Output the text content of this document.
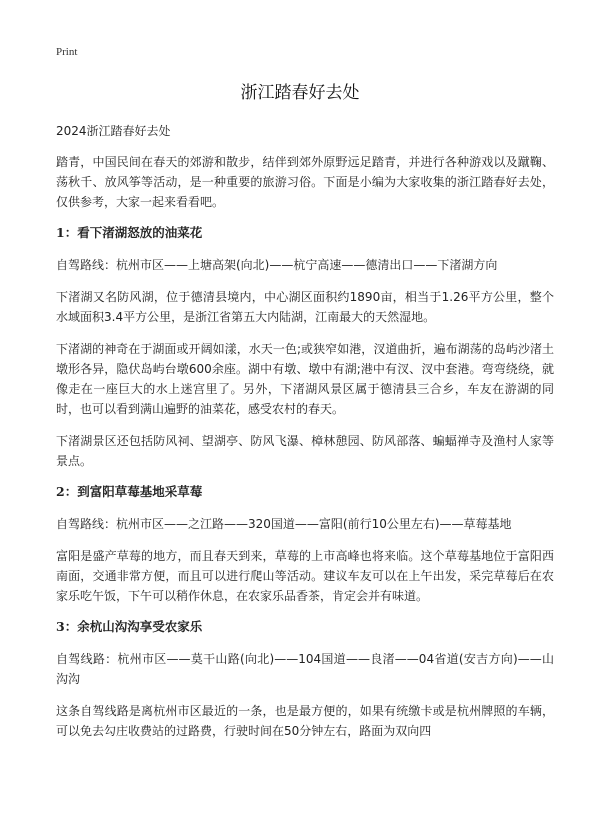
Print
浙江踏春好去处
2024浙江踏春好去处

踏青，中国民间在春天的郊游和散步，结伴到郊外原野远足踏青，并进行各种游戏以及蹴鞠、荡秋千、放风筝等活动，是一种重要的旅游习俗。下面是小编为大家收集的浙江踏春好去处，仅供参考，大家一起来看看吧。

1：看下渚湖怒放的油菜花

自驾路线：杭州市区——上塘高架(向北)——杭宁高速——德清出口——下渚湖方向

下渚湖又名防风湖，位于德清县境内，中心湖区面积约1890亩，相当于1.26平方公里，整个水域面积3.4平方公里，是浙江省第五大内陆湖，江南最大的天然湿地。

下渚湖的神奇在于湖面或开阔如漾，水天一色;或狭窄如港，汊道曲折，遍布湖荡的岛屿沙渚土墩形各异，隐伏岛屿台墩600余座。湖中有墩、墩中有湖;港中有汊、汊中套港。弯弯绕绕，就像走在一座巨大的水上迷宫里了。另外，下渚湖风景区属于德清县三合乡，车友在游湖的同时，也可以看到满山遍野的油菜花，感受农村的春天。

下渚湖景区还包括防风祠、望湖亭、防风飞瀑、樟林憩园、防风部落、蝙蝠禅寺及渔村人家等景点。

2：到富阳草莓基地采草莓

自驾路线：杭州市区——之江路——320国道——富阳(前行10公里左右)——草莓基地

富阳是盛产草莓的地方，而且春天到来，草莓的上市高峰也将来临。这个草莓基地位于富阳西南面，交通非常方便，而且可以进行爬山等活动。建议车友可以在上午出发，采完草莓后在农家乐吃午饭，下午可以稍作休息，在农家乐品香茶，肯定会并有味道。

3：余杭山沟沟享受农家乐

自驾线路：杭州市区——莫干山路(向北)——104国道——良渚——04省道(安吉方向)——山沟沟

这条自驾线路是离杭州市区最近的一条，也是最方便的，如果有统缴卡或是杭州牌照的车辆，可以免去勾庄收费站的过路费，行驶时间在50分钟左右，路面为双向四
